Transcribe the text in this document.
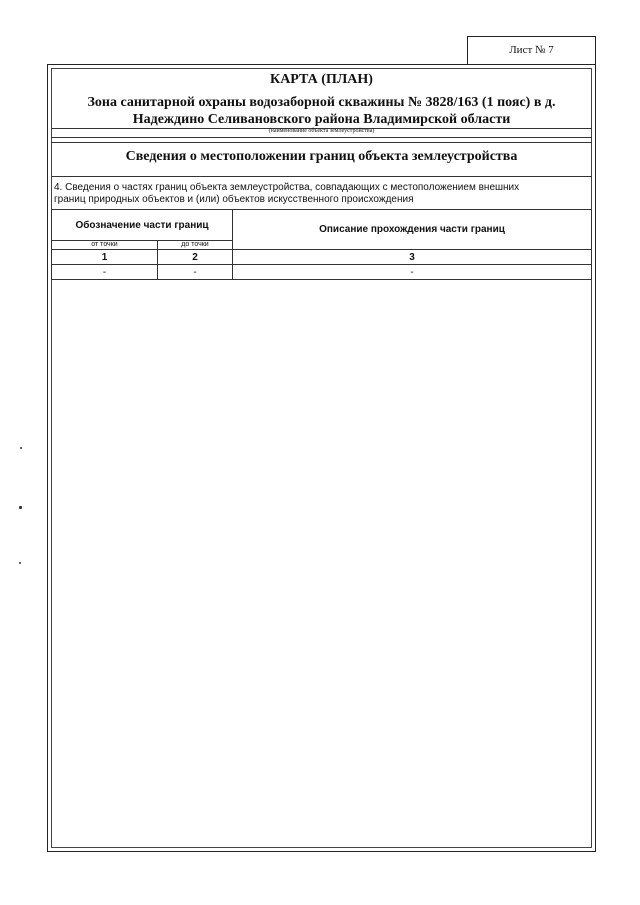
Лист № 7
КАРТА (ПЛАН)
Зона санитарной охраны водозаборной скважины № 3828/163 (1 пояс) в д.
Надеждино Селивановского района Владимирской области
(наименование объекта землеустройства)
Сведения о местоположении границ объекта землеустройства
4. Сведения о частях границ объекта землеустройства, совпадающих с местоположением внешних
границ природных объектов и (или) объектов искусственного происхождения
Обозначение части границ		Описание прохождения части границ
от точки	до точки	
1	2	3
-	-	-
